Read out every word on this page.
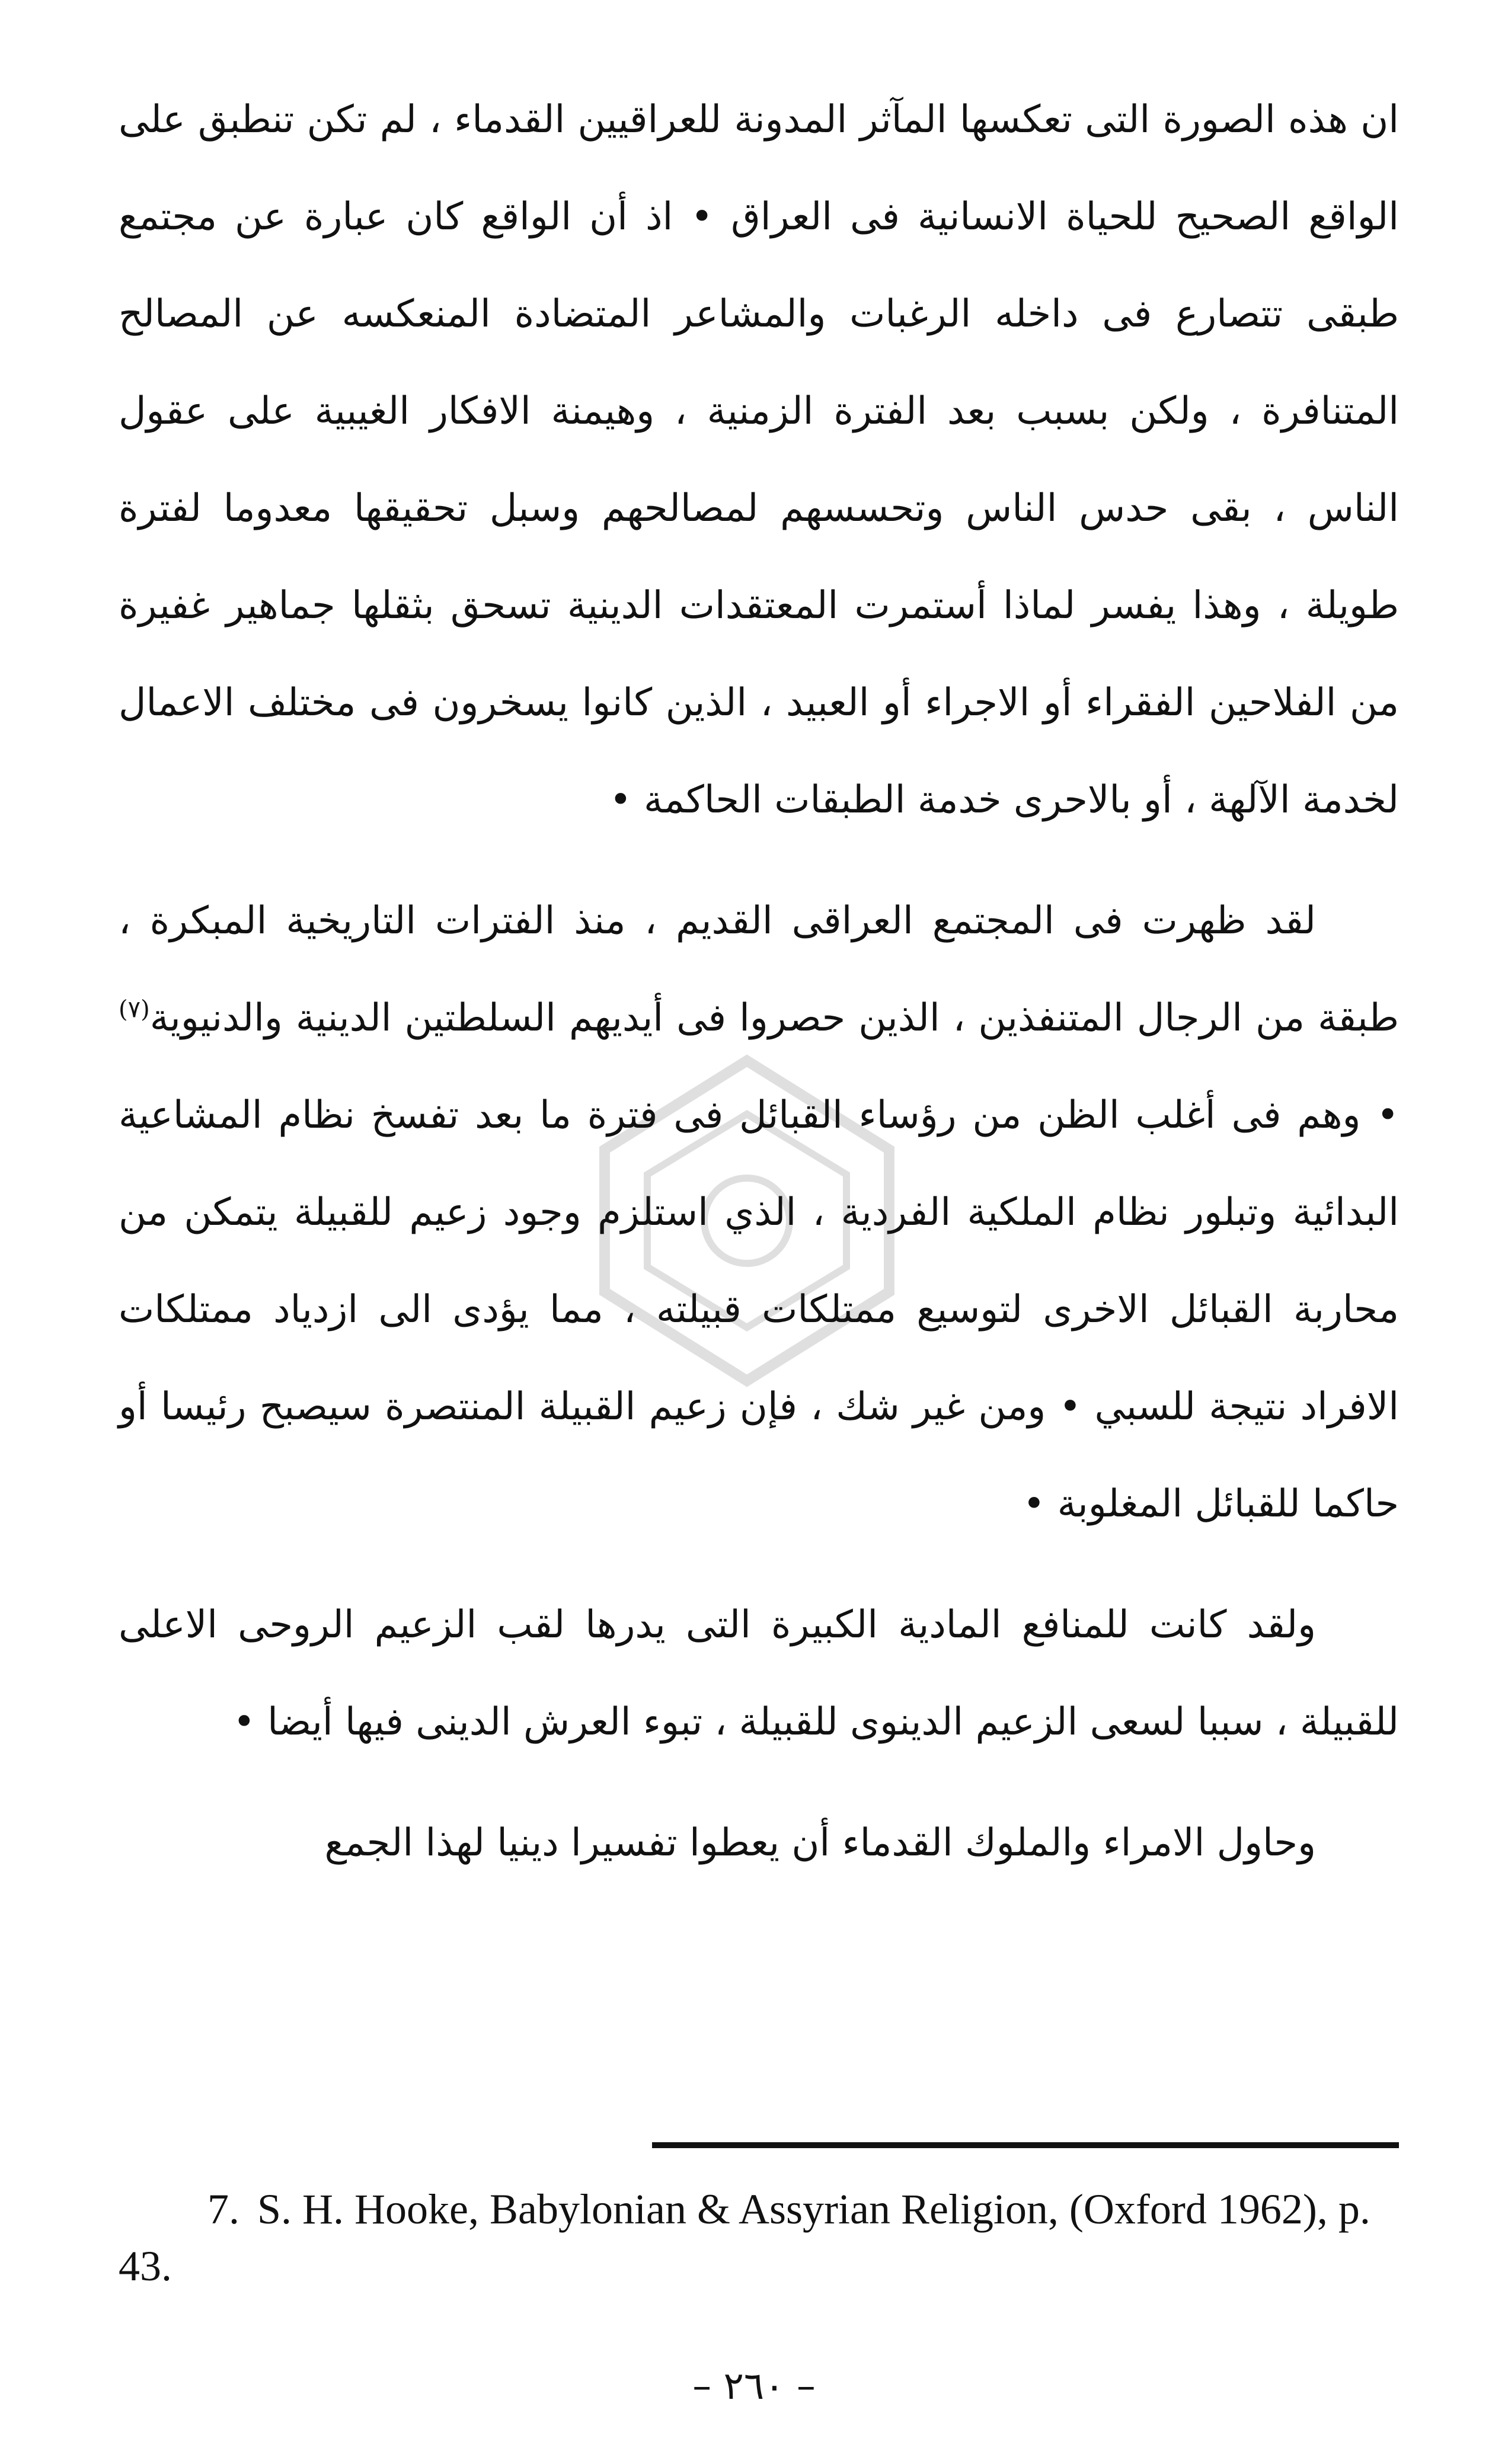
ان هذه الصورة التى تعكسها المآثر المدونة للعراقيين القدماء ، لم تكن تنطبق على الواقع الصحيح للحياة الانسانية فى العراق • اذ أن الواقع كان عبارة عن مجتمع طبقى تتصارع فى داخله الرغبات والمشاعر المتضادة المنعكسه عن المصالح المتنافرة ، ولكن بسبب بعد الفترة الزمنية ، وهيمنة الافكار الغيبية على عقول الناس ، بقى حدس الناس وتحسسهم لمصالحهم وسبل تحقيقها معدوما لفترة طويلة ، وهذا يفسر لماذا أستمرت المعتقدات الدينية تسحق بثقلها جماهير غفيرة من الفلاحين الفقراء أو الاجراء أو العبيد ، الذين كانوا يسخرون فى مختلف الاعمال لخدمة الآلهة ، أو بالاحرى خدمة الطبقات الحاكمة •

لقد ظهرت فى المجتمع العراقى القديم ، منذ الفترات التاريخية المبكرة ، طبقة من الرجال المتنفذين ، الذين حصروا فى أيديهم السلطتين الدينية والدنيوية$^{(٧)}$ • وهم فى أغلب الظن من رؤساء القبائل فى فترة ما بعد تفسخ نظام المشاعية البدائية وتبلور نظام الملكية الفردية ، الذي استلزم وجود زعيم للقبيلة يتمكن من محاربة القبائل الاخرى لتوسيع ممتلكات قبيلته ، مما يؤدى الى ازدياد ممتلكات الافراد نتيجة للسبي • ومن غير شك ، فإن زعيم القبيلة المنتصرة سيصبح رئيسا أو حاكما للقبائل المغلوبة •

ولقد كانت للمنافع المادية الكبيرة التى يدرها لقب الزعيم الروحى الاعلى للقبيلة ، سببا لسعى الزعيم الدينوى للقبيلة ، تبوء العرش الدينى فيها أيضا •

وحاول الامراء والملوك القدماء أن يعطوا تفسيرا دينيا لهذا الجمع

7. S. H. Hooke, Babylonian & Assyrian Religion, (Oxford 1962), p. 43.
– ٢٦٠ –
